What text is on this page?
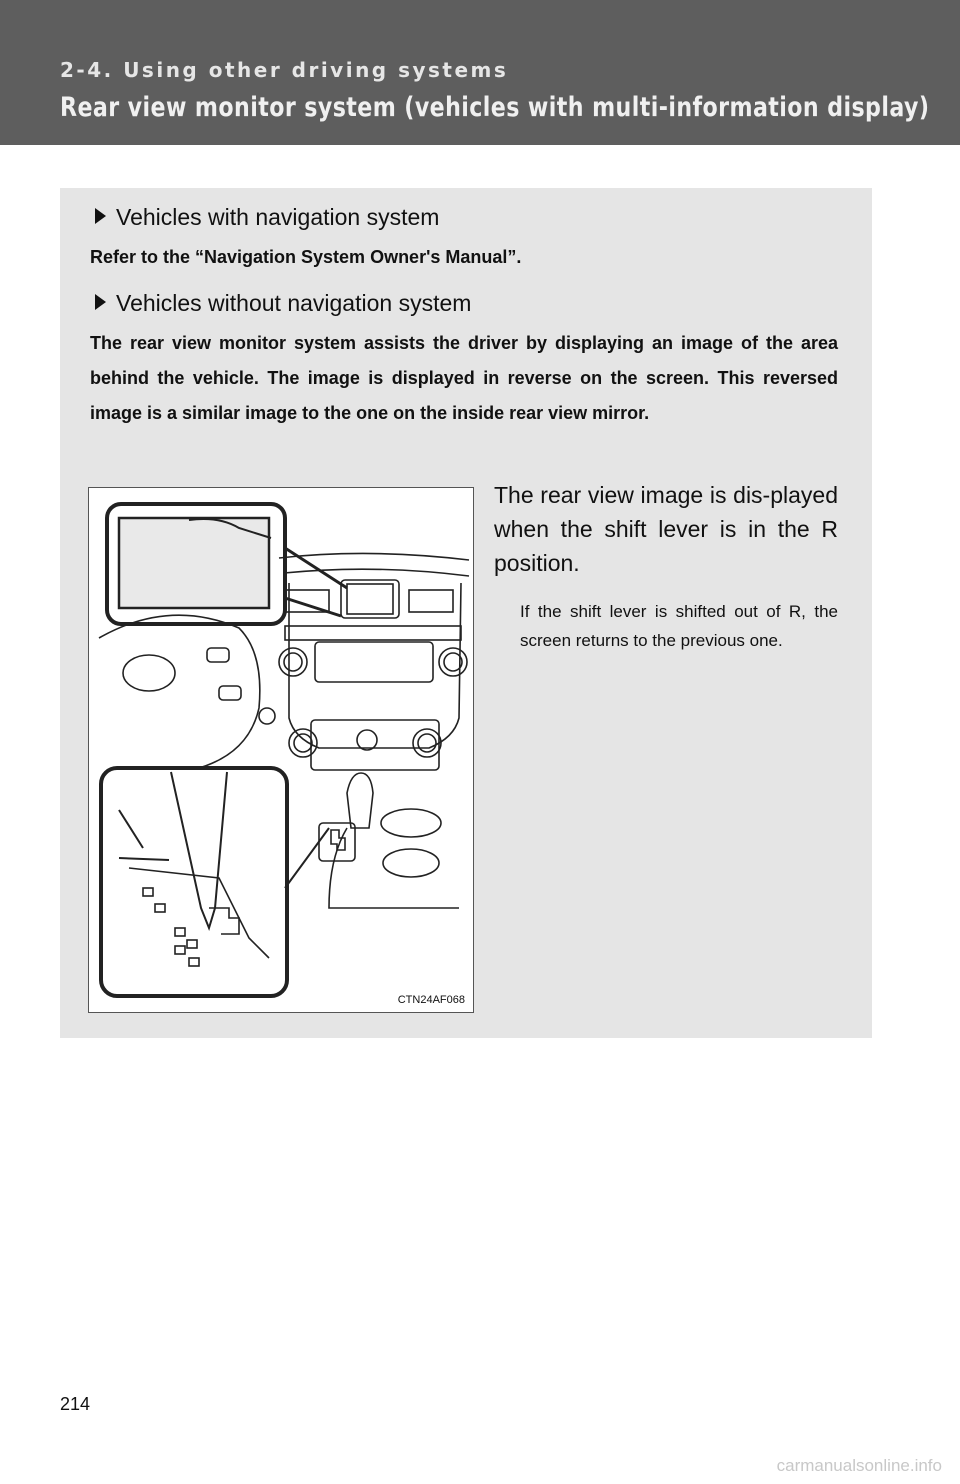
2-4. Using other driving systems
Rear view monitor system (vehicles with multi-information display)
Vehicles with navigation system
Refer to the “Navigation System Owner's Manual”.
Vehicles without navigation system
The rear view monitor system assists the driver by displaying an image of the area behind the vehicle. The image is displayed in reverse on the screen. This reversed image is a similar image to the one on the inside rear view mirror.
CTN24AF068
The rear view image is dis-played when the shift lever is in the R position.
If the shift lever is shifted out of R, the screen returns to the previous one.
214
carmanualsonline.info
